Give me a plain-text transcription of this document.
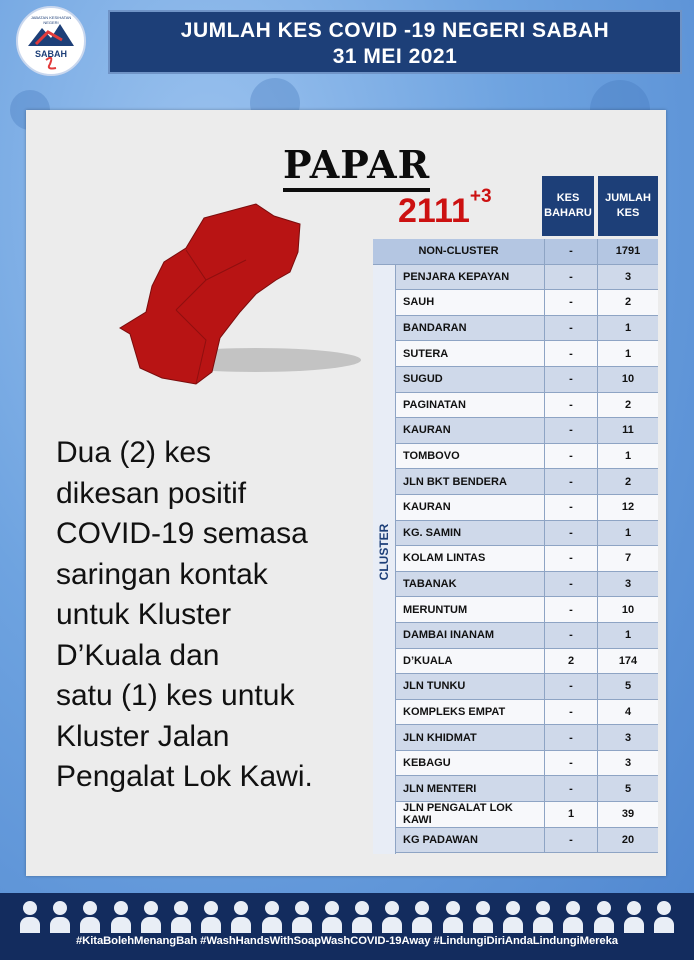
JABATAN KESIHATAN NEGERI
SABAH
JUMLAH KES COVID -19 NEGERI SABAH
31 MEI 2021
PAPAR
$2111^{+3}$
Dua (2) kes
dikesan positif
COVID-19 semasa
saringan kontak
untuk Kluster
D’Kuala dan
satu (1) kes untuk
Kluster Jalan
Pengalat Lok Kawi.
KES BAHARU
JUMLAH KES
NON-CLUSTER	-	1791
PENJARA KEPAYAN	-	3
SAUH	-	2
BANDARAN	-	1
SUTERA	-	1
SUGUD	-	10
PAGINATAN	-	2
KAURAN	-	11
TOMBOVO	-	1
JLN BKT BENDERA	-	2
KAURAN	-	12
KG. SAMIN	-	1
KOLAM LINTAS	-	7
TABANAK	-	3
MERUNTUM	-	10
DAMBAI INANAM	-	1
D’KUALA	2	174
JLN TUNKU	-	5
KOMPLEKS EMPAT	-	4
JLN KHIDMAT	-	3
KEBAGU	-	3
JLN MENTERI	-	5
JLN PENGALAT LOK KAWI	1	39
KG PADAWAN	-	20
CLUSTER
#KitaBolehMenangBah #WashHandsWithSoapWashCOVID-19Away #LindungiDiriAndaLindungiMereka
